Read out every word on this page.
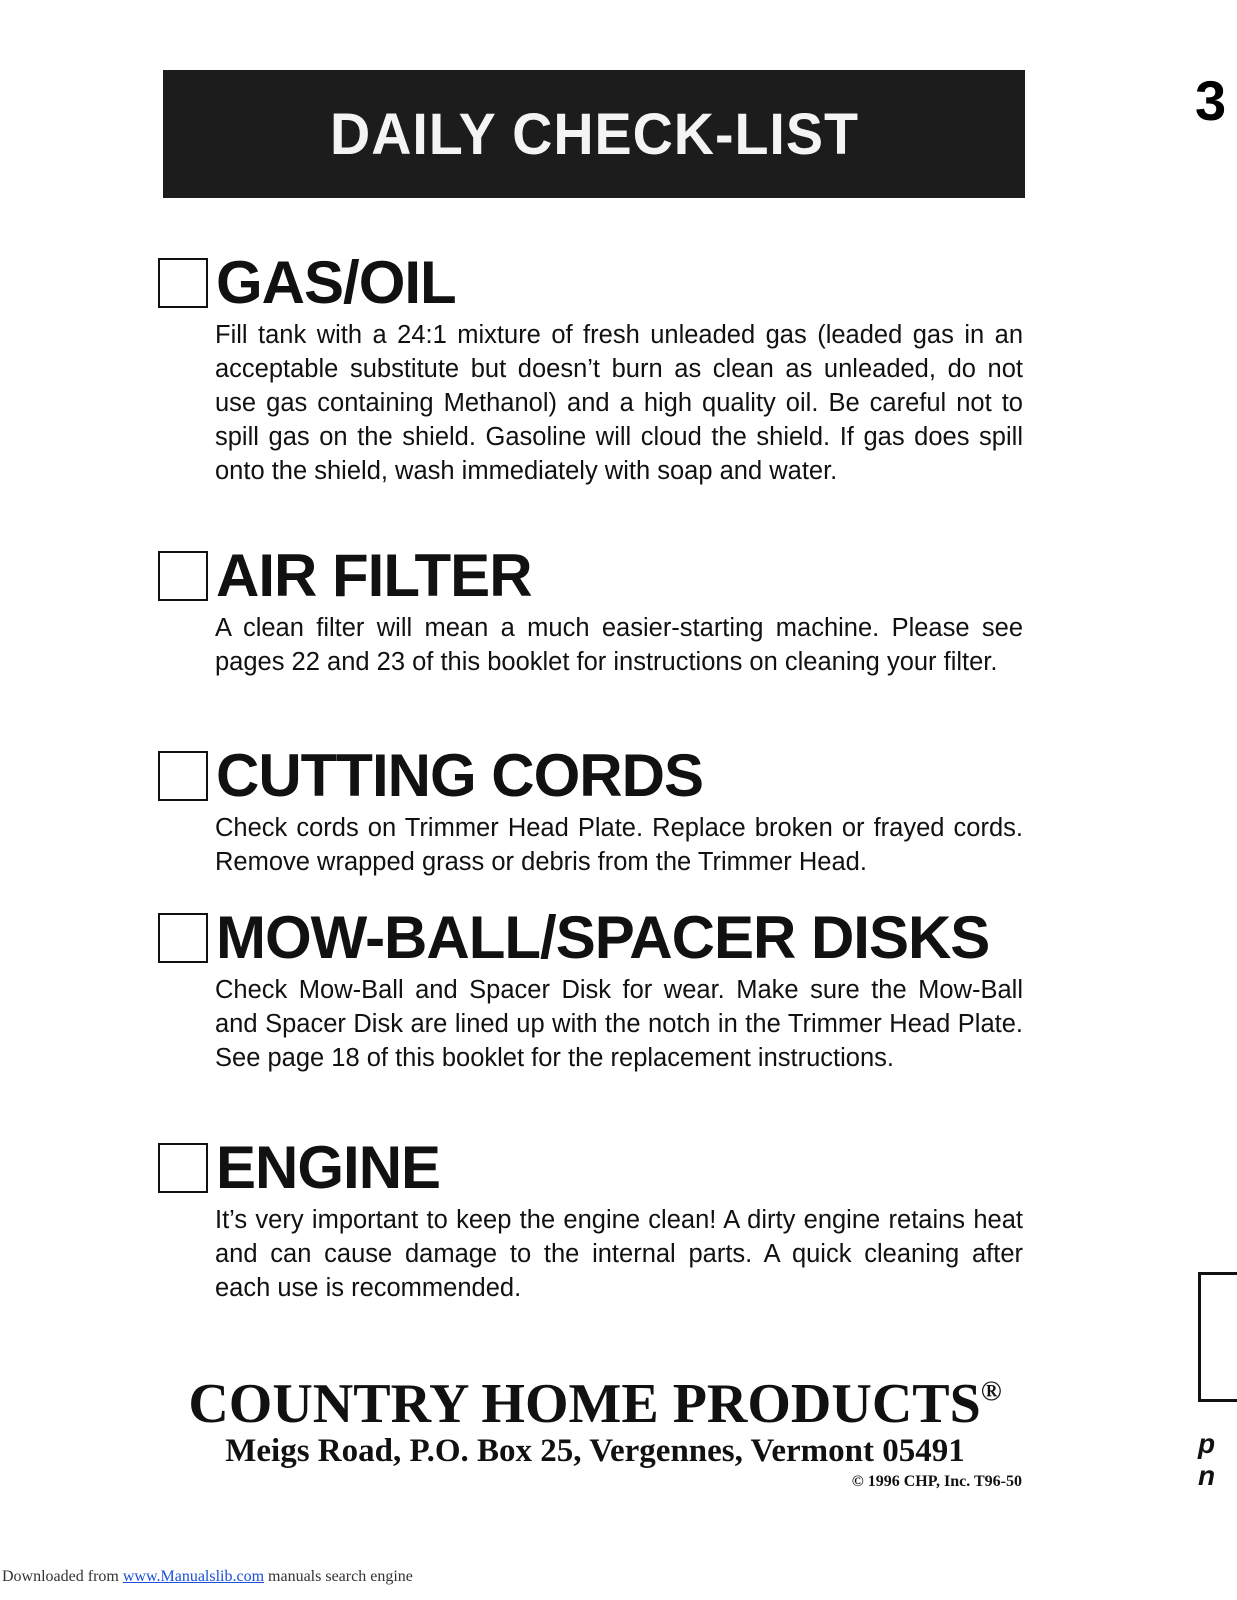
DAILY CHECK-LIST
GAS/OIL
Fill tank with a 24:1 mixture of fresh unleaded gas (leaded gas in an acceptable substitute but doesn’t burn as clean as unleaded, do not use gas containing Methanol) and a high quality oil. Be careful not to spill gas on the shield. Gasoline will cloud the shield. If gas does spill onto the shield, wash immediately with soap and water.
AIR FILTER
A clean filter will mean a much easier-starting machine. Please see pages 22 and 23 of this booklet for instructions on cleaning your filter.
CUTTING CORDS
Check cords on Trimmer Head Plate. Replace broken or frayed cords. Remove wrapped grass or debris from the Trimmer Head.
MOW-BALL/SPACER DISKS
Check Mow-Ball and Spacer Disk for wear. Make sure the Mow-Ball and Spacer Disk are lined up with the notch in the Trimmer Head Plate. See page 18 of this booklet for the replacement instructions.
ENGINE
It’s very important to keep the engine clean! A dirty engine retains heat and can cause damage to the internal parts. A quick cleaning after each use is recommended.
COUNTRY HOME PRODUCTS®
Meigs Road, P.O. Box 25, Vergennes, Vermont 05491
© 1996 CHP, Inc. T96-50
Downloaded from www.Manualslib.com manuals search engine
3
p
n
